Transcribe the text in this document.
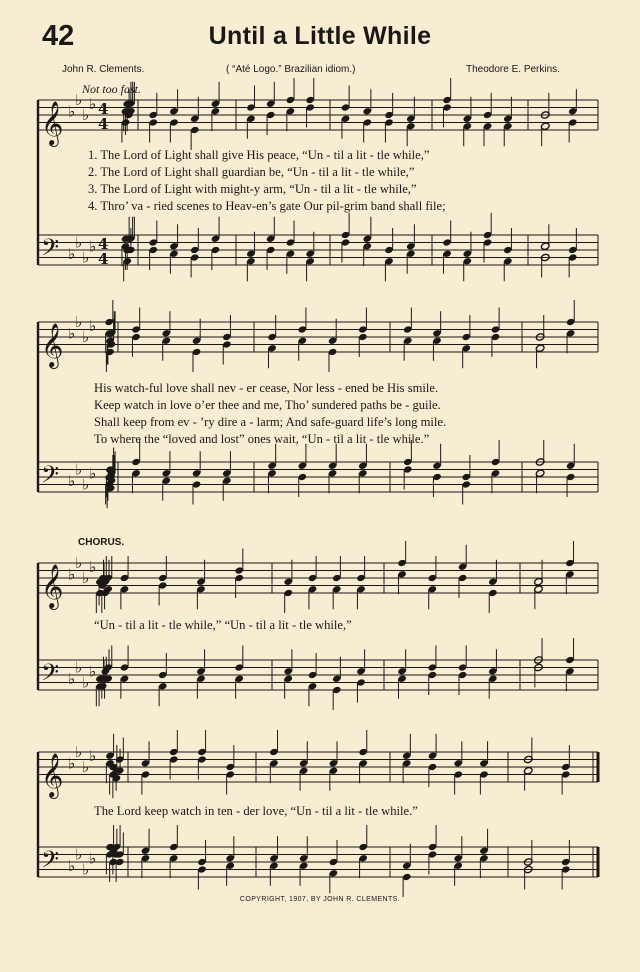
42	Until a Little While
John R. Clements.	( “Até Logo.” Brazilian idiom.)	Theodore E. Perkins.
Not too fast.
𝄞 ♭
♭
♭
♭ 4
4
𝄢 ♭
♭
♭
♭ 4
4
1. The Lord of Light shall give His peace, “Un - til a lit - tle while,”
2. The Lord of Light shall guardian be, “Un - til a lit - tle while,”
3. The Lord of Light with might-y arm, “Un - til a lit - tle while,”
4. Thro’ va - ried scenes to Heav-en’s gate Our pil-grim band shall file;
𝄞 ♭
♭
♭
♭
𝄢 ♭
♭
♭
♭
His watch-ful love shall nev - er cease, Nor less - ened be His smile.
Keep watch in love o’er thee and me, Tho’ sundered paths be - guile.
Shall keep from ev - ’ry dire a - larm; And safe-guard life’s long mile.
To where the “loved and lost” ones wait, “Un - til a lit - tle while.”
CHORUS.
𝄞 ♭
♭
♭
♭
𝄢 ♭
♭
♭
♭
“Un - til a lit - tle while,” “Un - til a lit - tle while,”
𝄞 ♭
♭
♭
♭
𝄢 ♭
♭
♭
♭
The Lord keep watch in ten - der love, “Un - til a lit - tle while.”
COPYRIGHT, 1907, BY JOHN R. CLEMENTS.
